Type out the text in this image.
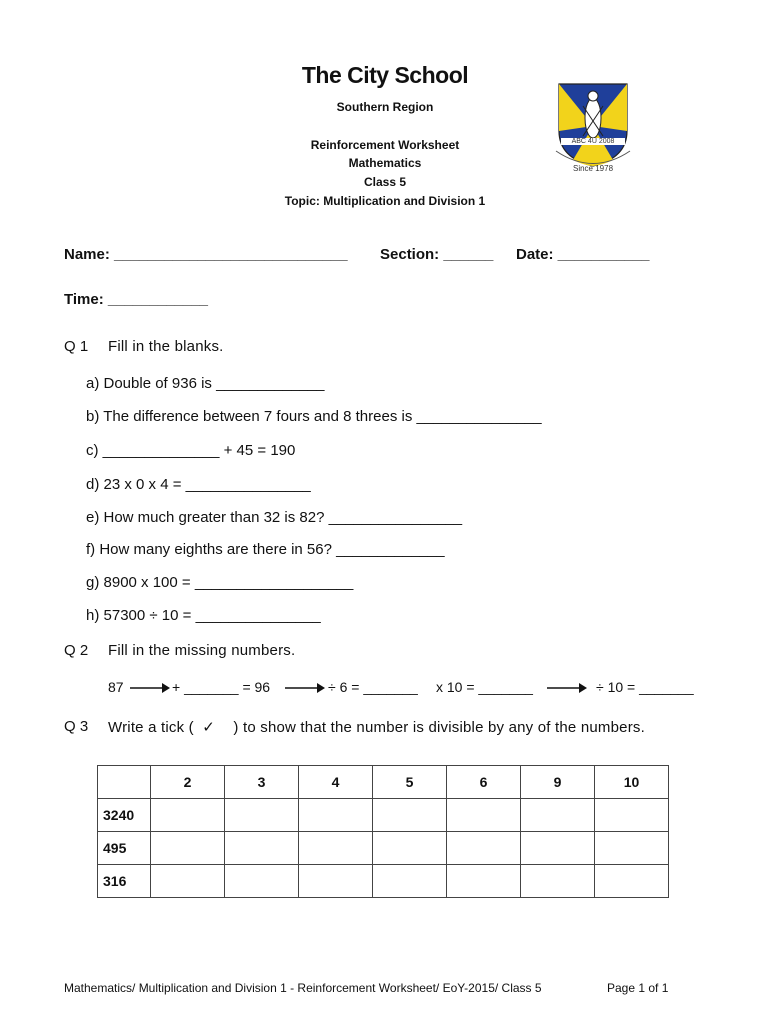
The City School
Southern Region
Reinforcement Worksheet
Mathematics
Class 5
Topic: Multiplication and Division 1
ABC 4U 2008
Since 1978
Name: ____________________________ Section: ______ Date: ___________
Time: ____________
Q 1 Fill in the blanks.
a) Double of 936 is _____________
b) The difference between 7 fours and 8 threes is _______________
c) ______________ + 45 = 190
d) 23 x 0 x 4 = _______________
e) How much greater than 32 is 82? ________________
f) How many eighths are there in 56? _____________
g) 8900 x 100 = ___________________
h) 57300 ÷ 10 = _______________
Q 2 Fill in the missing numbers.
87	+ _______ = 96	÷ 6 = _______ x 10 = _______	÷ 10 = _______
Q 3 Write a tick ( ✓ ) to show that the number is divisible by any of the numbers.
	2	3	4	5	6	9	10
3240							
495							
316							
Mathematics/ Multiplication and Division 1 - Reinforcement Worksheet/ EoY-2015/ Class 5	Page 1 of 1
